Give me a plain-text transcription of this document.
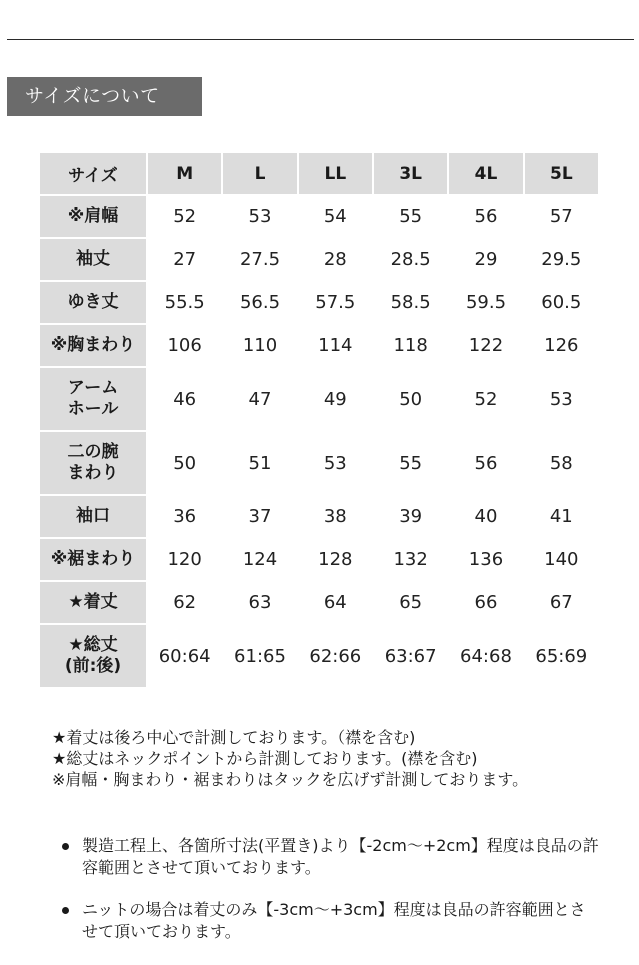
サイズについて
サイズ	M	L	LL	3L	4L	5L
※肩幅	52	53	54	55	56	57
袖丈	27	27.5	28	28.5	29	29.5
ゆき丈	55.5	56.5	57.5	58.5	59.5	60.5
※胸まわり	106	110	114	118	122	126
アーム
ホール	46	47	49	50	52	53
二の腕
まわり	50	51	53	55	56	58
袖口	36	37	38	39	40	41
※裾まわり	120	124	128	132	136	140
★着丈	62	63	64	65	66	67
★総丈
(前:後)	60:64	61:65	62:66	63:67	64:68	65:69

★着丈は後ろ中心で計測しております。（襟を含む)

★総丈はネックポイントから計測しております。(襟を含む)

※肩幅・胸まわり・裾まわりはタックを広げず計測しております。

製造工程上、各箇所寸法(平置き)より【-2cm～+2cm】程度は良品の許容範囲とさせて頂いております。
ニットの場合は着丈のみ【-3cm～+3cm】程度は良品の許容範囲とさせて頂いております。
